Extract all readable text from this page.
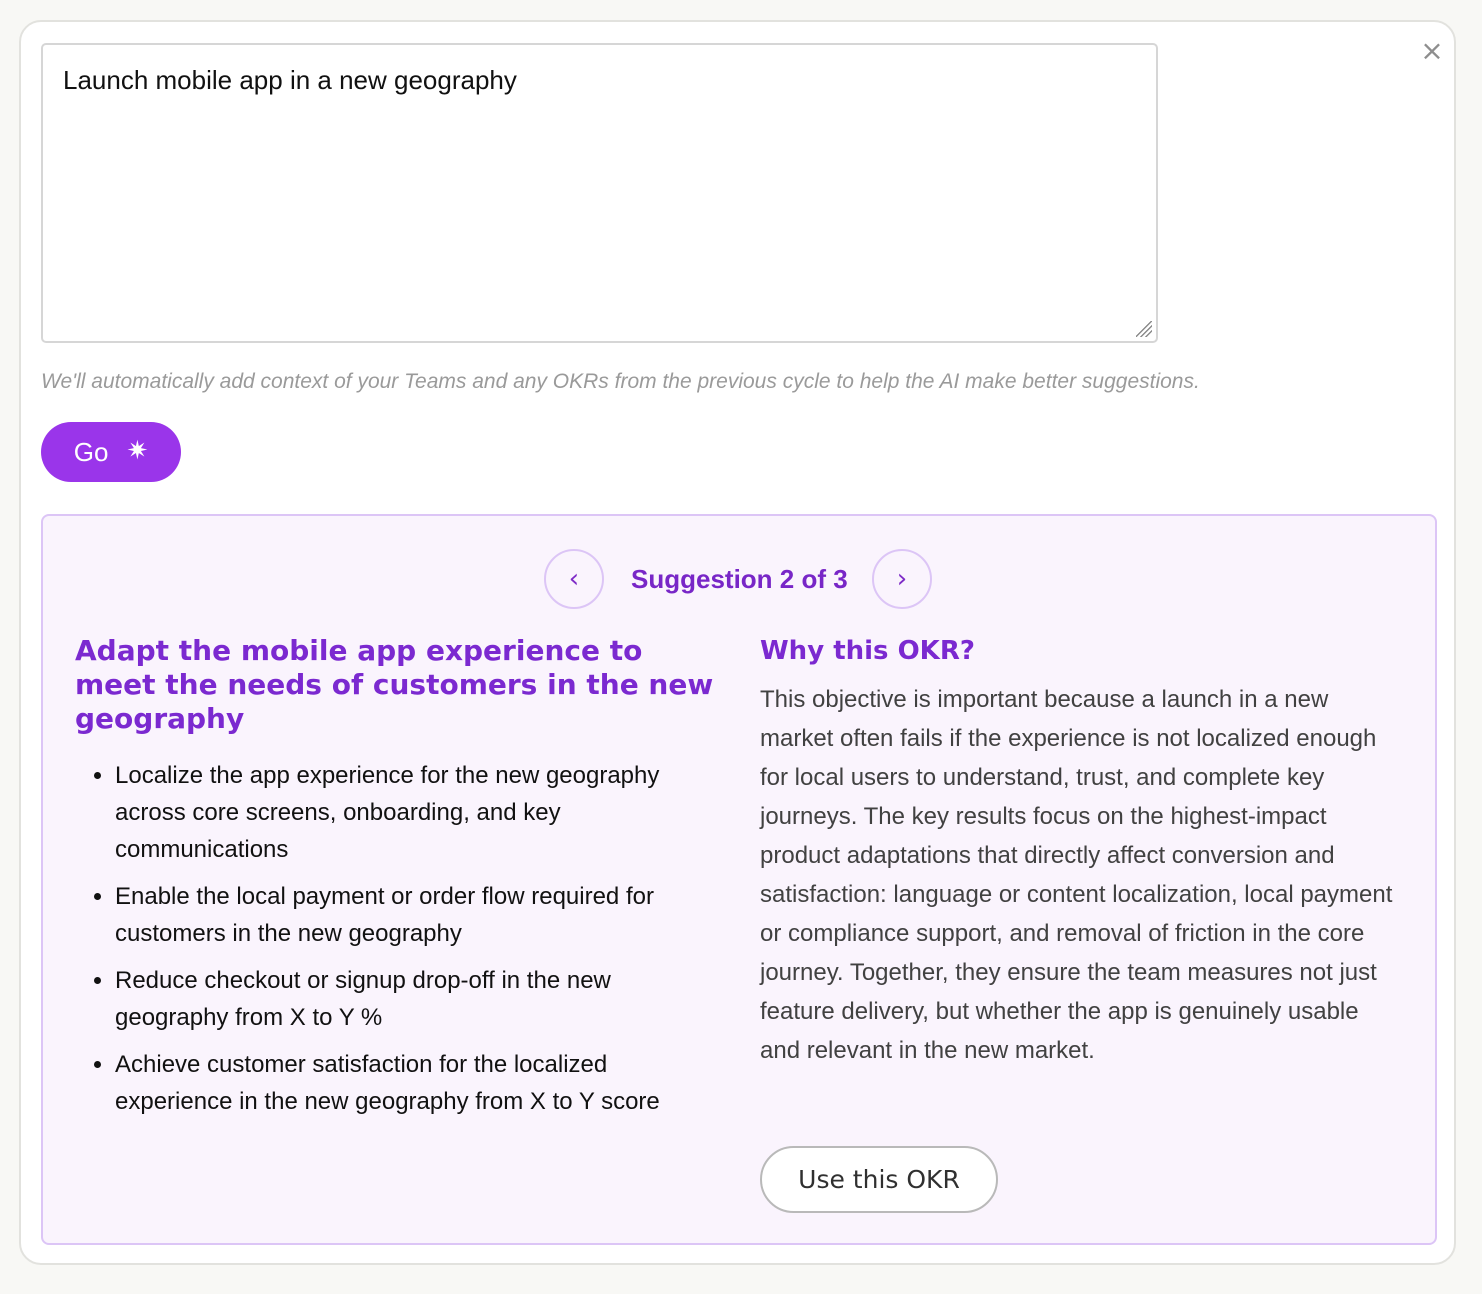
×
Launch mobile app in a new geography
We'll automatically add context of your Teams and any OKRs from the previous cycle to help the AI make better suggestions.
Go ✷
‹	Suggestion 2 of 3	›
Adapt the mobile app experience to meet the needs of customers in the new geography
• Localize the app experience for the new geography across core screens, onboarding, and key communications
• Enable the local payment or order flow required for customers in the new geography
• Reduce checkout or signup drop-off in the new geography from X to Y %
• Achieve customer satisfaction for the localized experience in the new geography from X to Y score
Why this OKR?

This objective is important because a launch in a new market often fails if the experience is not localized enough for local users to understand, trust, and complete key journeys. The key results focus on the highest-impact product adaptations that directly affect conversion and satisfaction: language or content localization, local payment or compliance support, and removal of friction in the core journey. Together, they ensure the team measures not just feature delivery, but whether the app is genuinely usable and relevant in the new market.

Use this OKR
